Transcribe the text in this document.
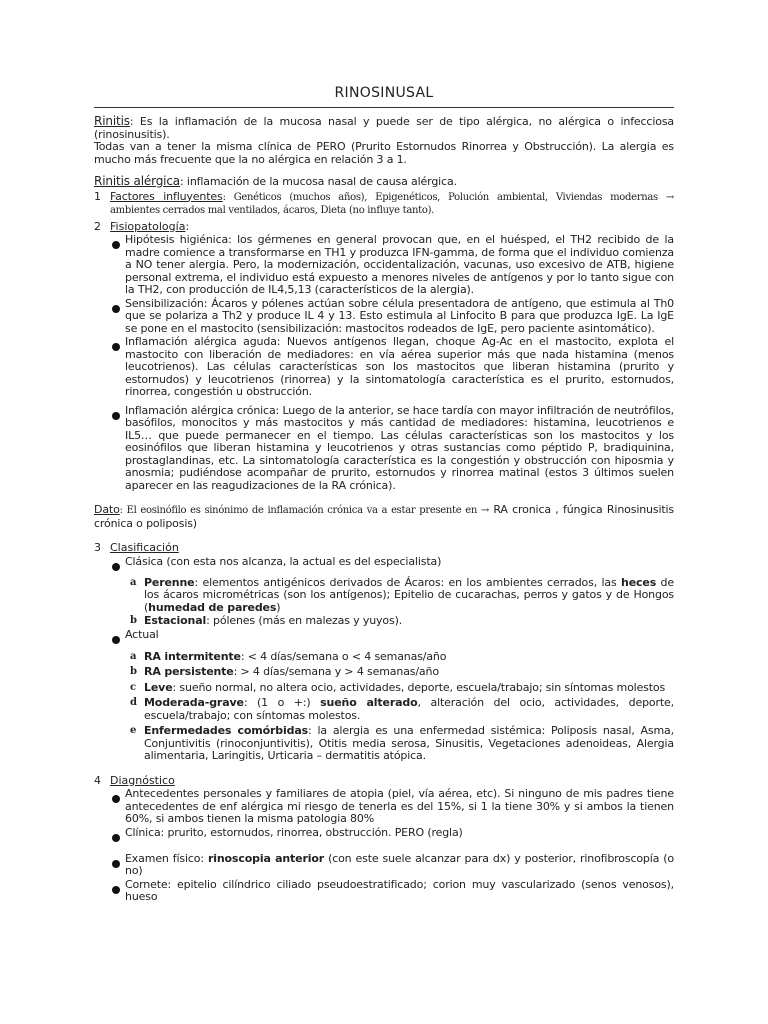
RINOSINUSAL

Rinitis: Es la inflamación de la mucosa nasal y puede ser de tipo alérgica, no alérgica o infecciosa (rinosinusitis).

Todas van a tener la misma clínica de PERO (Prurito Estornudos Rinorrea y Obstrucción). La alergia es mucho más frecuente que la no alérgica en relación 3 a 1.

Rinitis alérgica: inflamación de la mucosa nasal de causa alérgica.

1 Factores influyentes: Genéticos (muchos años), Epigenéticos, Polución ambiental, Viviendas modernas → ambientes cerrados mal ventilados, ácaros, Dieta (no influye tanto).
2 Fisiopatología:
Hipótesis higiénica: los gérmenes en general provocan que, en el huésped, el TH2 recibido de la madre comience a transformarse en TH1 y produzca IFN-gamma, de forma que el individuo comienza a NO tener alergia. Pero, la modernización, occidentalización, vacunas, uso excesivo de ATB, higiene personal extrema, el individuo está expuesto a menores niveles de antígenos y por lo tanto sigue con la TH2, con producción de IL4,5,13 (característicos de la alergia).
Sensibilización: Ácaros y pólenes actúan sobre célula presentadora de antígeno, que estimula al Th0 que se polariza a Th2 y produce IL 4 y 13. Esto estimula al Linfocito B para que produzca IgE. La IgE se pone en el mastocito (sensibilización: mastocitos rodeados de IgE, pero paciente asintomático).
Inflamación alérgica aguda: Nuevos antígenos llegan, choque Ag-Ac en el mastocito, explota el mastocito con liberación de mediadores: en vía aérea superior más que nada histamina (menos leucotrienos). Las células características son los mastocitos que liberan histamina (prurito y estornudos) y leucotrienos (rinorrea) y la sintomatología característica es el prurito, estornudos, rinorrea, congestión u obstrucción.
Inflamación alérgica crónica: Luego de la anterior, se hace tardía con mayor infiltración de neutrófilos, basófilos, monocitos y más mastocitos y más cantidad de mediadores: histamina, leucotrienos e IL5… que puede permanecer en el tiempo. Las células características son los mastocitos y los eosinófilos que liberan histamina y leucotrienos y otras sustancias como péptido P, bradiquinina, prostaglandinas, etc. La sintomatología característica es la congestión y obstrucción con hiposmia y anosmia; pudiéndose acompañar de prurito, estornudos y rinorrea matinal (estos 3 últimos suelen aparecer en las reagudizaciones de la RA crónica).

Dato: El eosinófilo es sinónimo de inflamación crónica va a estar presente en → RA cronica , fúngica Rinosinusitis crónica o poliposis)

3 Clasificación
Clásica (con esta nos alcanza, la actual es del especialista)
a Perenne: elementos antigénicos derivados de Ácaros: en los ambientes cerrados, las heces de los ácaros micrométricas (son los antígenos); Epitelio de cucarachas, perros y gatos y de Hongos (humedad de paredes)
b Estacional: pólenes (más en malezas y yuyos).
Actual
a RA intermitente: < 4 días/semana o < 4 semanas/año
b RA persistente: > 4 días/semana y > 4 semanas/año
c Leve: sueño normal, no altera ocio, actividades, deporte, escuela/trabajo; sin síntomas molestos
d Moderada-grave: (1 o +:) sueño alterado, alteración del ocio, actividades, deporte, escuela/trabajo; con síntomas molestos.
e Enfermedades comórbidas: la alergia es una enfermedad sistémica: Poliposis nasal, Asma, Conjuntivitis (rinoconjuntivitis), Otitis media serosa, Sinusitis, Vegetaciones adenoideas, Alergia alimentaria, Laringitis, Urticaria – dermatitis atópica.
4 Diagnóstico
Antecedentes personales y familiares de atopia (piel, vía aérea, etc). Si ninguno de mis padres tiene antecedentes de enf alérgica mi riesgo de tenerla es del 15%, si 1 la tiene 30% y si ambos la tienen 60%, si ambos tienen la misma patologia 80%
Clínica: prurito, estornudos, rinorrea, obstrucción. PERO (regla)
Examen físico: rinoscopia anterior (con este suele alcanzar para dx) y posterior, rinofibroscopía (o no)
Cornete: epitelio cilíndrico ciliado pseudoestratificado; corion muy vascularizado (senos venosos), hueso
